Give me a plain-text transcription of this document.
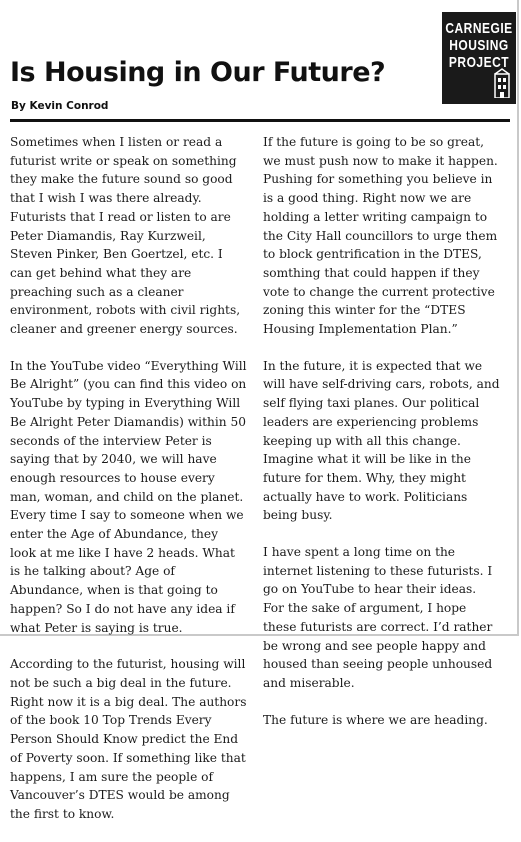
CARNEGIE
HOUSING
PROJECT
Is Housing in Our Future?
By Kevin Conrod

Sometimes when I listen or read a futurist write or speak on something they make the future sound so good that I wish I was there already. Futurists that I read or listen to are Peter Diamandis, Ray Kurzweil, Steven Pinker, Ben Goertzel, etc. I can get behind what they are preaching such as a cleaner environment, robots with civil rights, cleaner and greener energy sources.

In the YouTube video “Everything Will Be Alright” (you can find this video on YouTube by typing in Everything Will Be Alright Peter Diamandis) within 50 seconds of the interview Peter is saying that by 2040, we will have enough resources to house every man, woman, and child on the planet. Every time I say to someone when we enter the Age of Abundance, they look at me like I have 2 heads. What is he talking about? Age of Abundance, when is that going to happen? So I do not have any idea if what Peter is saying is true.

According to the futurist, housing will not be such a big deal in the future. Right now it is a big deal. The authors of the book 10 Top Trends Every Person Should Know predict the End of Poverty soon. If something like that happens, I am sure the people of Vancouver’s DTES would be among the first to know.

If the future is going to be so great, we must push now to make it happen. Pushing for something you believe in is a good thing. Right now we are holding a letter writing campaign to the City Hall councillors to urge them to block gentrification in the DTES, somthing that could happen if they vote to change the current protective zoning this winter for the “DTES Housing Implementation Plan.”

In the future, it is expected that we will have self-driving cars, robots, and self flying taxi planes. Our political leaders are experiencing problems keeping up with all this change. Imagine what it will be like in the future for them. Why, they might actually have to work. Politicians being busy.

I have spent a long time on the internet listening to these futurists. I go on YouTube to hear their ideas. For the sake of argument, I hope these futurists are correct. I’d rather be wrong and see people happy and housed than seeing people unhoused and miserable.

The future is where we are heading.
